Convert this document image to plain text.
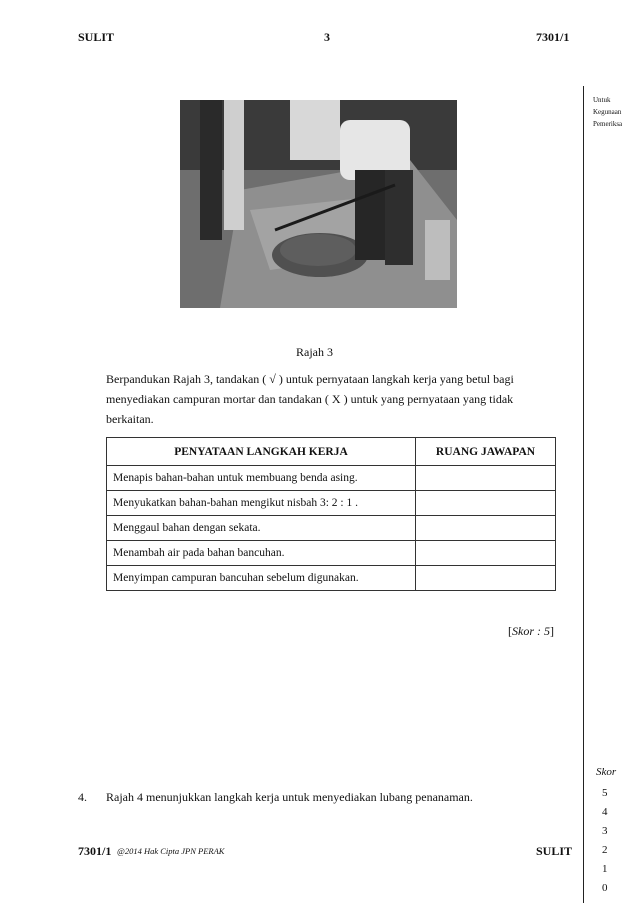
SULIT	3	7301/1
Untuk
Kegunaan
Pemeriksa
Rajah 3
Berpandukan Rajah 3, tandakan ( √ ) untuk pernyataan langkah kerja yang betul bagi menyediakan campuran mortar dan tandakan ( X ) untuk yang pernyataan yang tidak berkaitan.
PENYATAAN LANGKAH KERJA	RUANG JAWAPAN
Menapis bahan-bahan untuk membuang benda asing.	
Menyukatkan bahan-bahan mengikut nisbah 3: 2 : 1 .	
Menggaul bahan dengan sekata.	
Menambah air pada bahan bancuhan.	
Menyimpan campuran bancuhan sebelum digunakan.	
[Skor : 5]
Skor
5
4
3
2
1
0
4. Rajah 4 menunjukkan langkah kerja untuk menyediakan lubang penanaman.
7301/1 @2014 Hak Cipta JPN PERAK	SULIT
